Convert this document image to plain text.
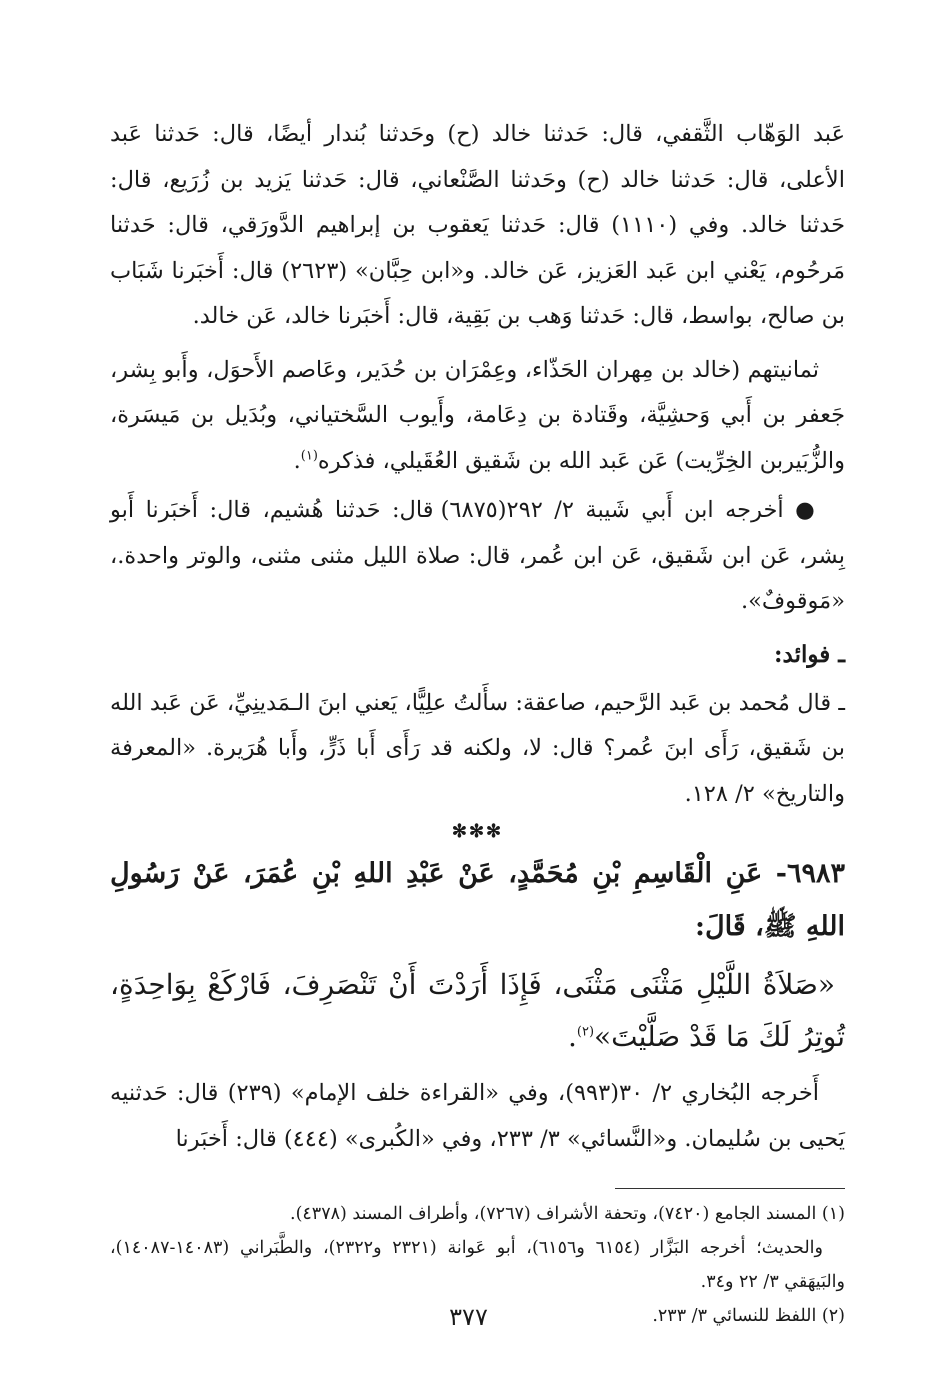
عَبد الوَهّاب الثَّقفي، قال: حَدثنا خالد (ح) وحَدثنا بُندار أيضًا، قال: حَدثنا عَبد الأعلى، قال: حَدثنا خالد (ح) وحَدثنا الصَّنْعاني، قال: حَدثنا يَزيد بن زُرَيع، قال: حَدثنا خالد. وفي (١١١٠) قال: حَدثنا يَعقوب بن إبراهيم الدَّورَقي، قال: حَدثنا مَرحُوم، يَعْني ابن عَبد العَزيز، عَن خالد. و«ابن حِبَّان» (٢٦٢٣) قال: أَخبَرنا شَبَاب بن صالح، بواسط، قال: حَدثنا وَهب بن بَقِية، قال: أَخبَرنا خالد، عَن خالد.

ثمانيتهم (خالد بن مِهران الحَذّاء، وعِمْرَان بن حُدَير، وعَاصم الأَحوَل، وأَبو بِشر، جَعفر بن أَبي وَحشِيَّة، وقَتادة بن دِعَامة، وأَيوب السَّختياني، وبُدَيل بن مَيسَرة، والزُّبَيربن الخِرِّيت) عَن عَبد الله بن شَقيق العُقَيلي، فذكره$^{(١)}$.

● أخرجه ابن أَبي شَيبة ٢/ ٢٩٢(٦٨٧٥) قال: حَدثنا هُشيم، قال: أَخبَرنا أَبو بِشر، عَن ابن شَقيق، عَن ابن عُمر، قال: صلاة الليل مثنى مثنى، والوتر واحدة.، «مَوقوفٌ».

ـ فوائد:

ـ قال مُحمد بن عَبد الرَّحيم، صاعقة: سأَلتُ علِيًّا، يَعني ابنَ الـمَدينِيِّ، عَن عَبد الله بن شَقيق، رَأَى ابنَ عُمر؟ قال: لا، ولكنه قد رَأَى أَبا ذَرٍّ، وأَبا هُرَيرة. «المعرفة والتاريخ» ٢/ ١٢٨.

✻✻✻

٦٩٨٣- عَنِ الْقَاسِمِ بْنِ مُحَمَّدٍ، عَنْ عَبْدِ اللهِ بْنِ عُمَرَ، عَنْ رَسُولِ اللهِ ﷺ، قَالَ:

«صَلاَةُ اللَّيْلِ مَثْنَى مَثْنَى، فَإِذَا أَرَدْتَ أَنْ تَنْصَرِفَ، فَارْكَعْ بِوَاحِدَةٍ، تُوتِرُ لَكَ مَا قَدْ صَلَّيْتَ»$^{(٢)}$.

أَخرجه البُخاري ٢/ ٣٠(٩٩٣)، وفي «القراءة خلف الإمام» (٢٣٩) قال: حَدثنيه يَحيى بن سُليمان. و«النَّسائي» ٣/ ٢٣٣، وفي «الكُبرى» (٤٤٤) قال: أَخبَرنا

(١) المسند الجامع (٧٤٢٠)، وتحفة الأشراف (٧٢٦٧)، وأطراف المسند (٤٣٧٨).

والحديث؛ أخرجه البَزَّار (٦١٥٤ و٦١٥٦)، أبو عَوانة (٢٣٢١ و٢٣٢٢)، والطَّبَراني (١٤٠٨٣-١٤٠٨٧)، والبَيهَقي ٣/ ٢٢ و٣٤.

(٢) اللفظ للنسائي ٣/ ٢٣٣.

٣٧٧
